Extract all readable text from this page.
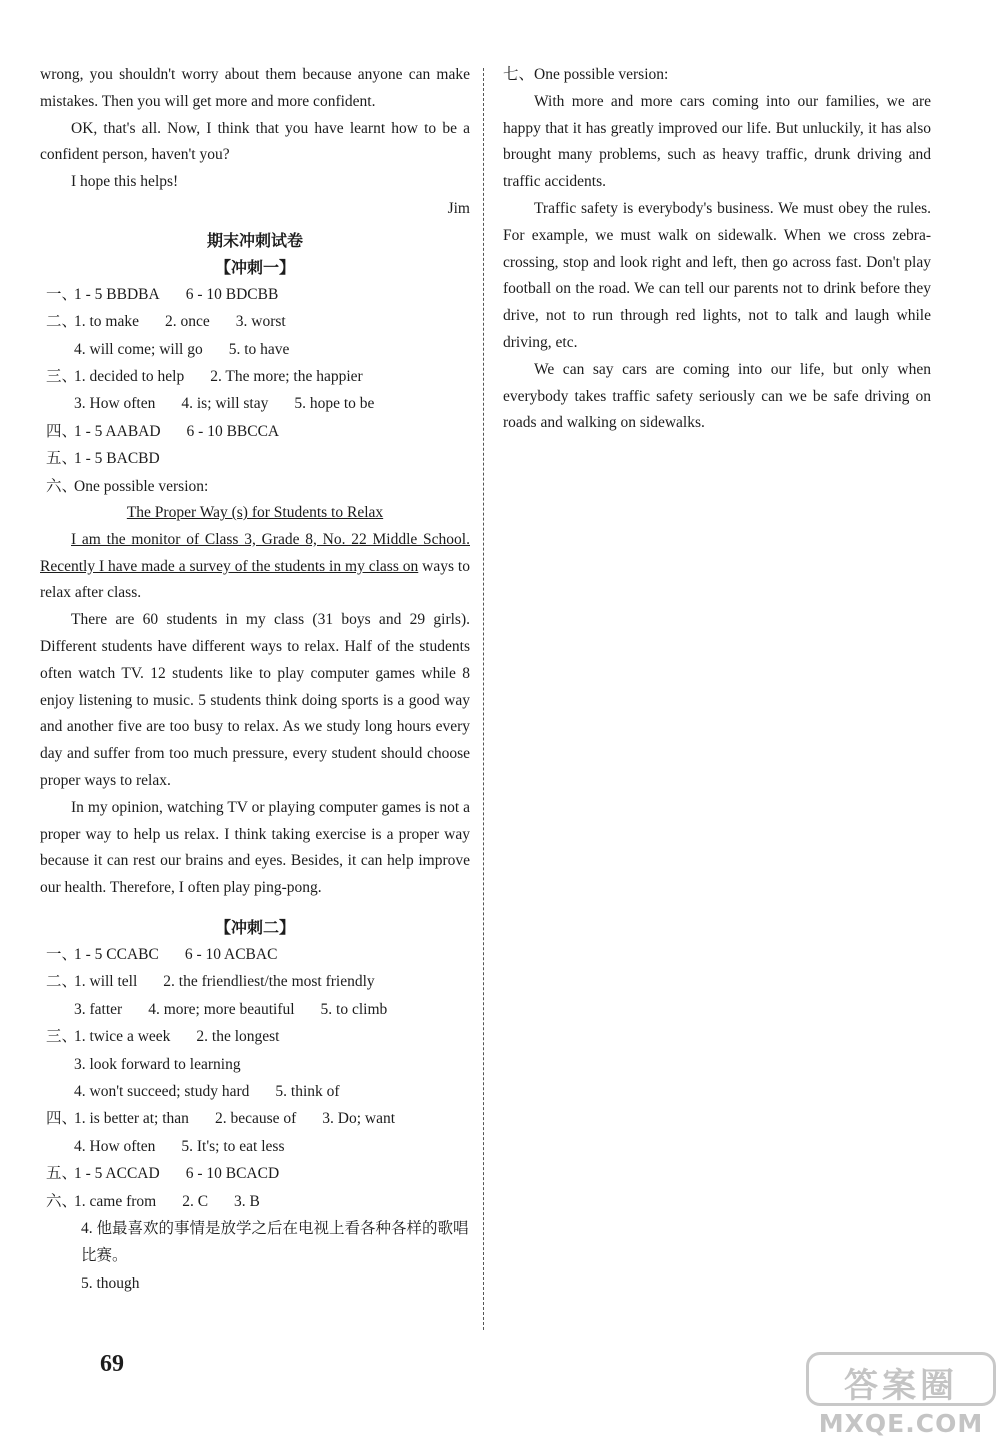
wrong, you shouldn't worry about them because anyone can make mistakes. Then you will get more and more confident.

OK, that's all. Now, I think that you have learnt how to be a confident person, haven't you?

I hope this helps!

Jim

期末冲刺试卷
【冲刺一】
一、
1 - 5 BBDBA 6 - 10 BDCBB
二、
1. to make 2. once 3. worst
4. will come; will go 5. to have
三、
1. decided to help 2. The more; the happier
3. How often 4. is; will stay 5. hope to be
四、
1 - 5 AABAD 6 - 10 BBCCA
五、
1 - 5 BACBD
六、
One possible version:

The Proper Way (s) for Students to Relax

I am the monitor of Class 3, Grade 8, No. 22 Middle School. Recently I have made a survey of the students in my class on ways to relax after class.

There are 60 students in my class (31 boys and 29 girls). Different students have different ways to relax. Half of the students often watch TV. 12 students like to play computer games while 8 enjoy listening to music. 5 students think doing sports is a good way and another five are too busy to relax. As we study long hours every day and suffer from too much pressure, every student should choose proper ways to relax.

In my opinion, watching TV or playing computer games is not a proper way to help us relax. I think taking exercise is a proper way because it can rest our brains and eyes. Besides, it can help improve our health. Therefore, I often play ping-pong.

【冲刺二】
一、
1 - 5 CCABC 6 - 10 ACBAC
二、
1. will tell 2. the friendliest/the most friendly
3. fatter 4. more; more beautiful 5. to climb
三、
1. twice a week 2. the longest
3. look forward to learning
4. won't succeed; study hard 5. think of
四、
1. is better at; than 2. because of 3. Do; want
4. How often 5. It's; to eat less
五、
1 - 5 ACCAD 6 - 10 BCACD
六、
1. came from 2. C 3. B
4. 他最喜欢的事情是放学之后在电视上看各种各样的歌唱比赛。
5. though

七、One possible version:

With more and more cars coming into our families, we are happy that it has greatly improved our life. But unluckily, it has also brought many problems, such as heavy traffic, drunk driving and traffic accidents.

Traffic safety is everybody's business. We must obey the rules. For example, we must walk on sidewalk. When we cross zebra-crossing, stop and look right and left, then go across fast. Don't play football on the road. We can tell our parents not to drink before they drive, not to run through red lights, not to talk and laugh while driving, etc.

We can say cars are coming into our life, but only when everybody takes traffic safety seriously can we be safe driving on roads and walking on sidewalks.

69
答案圈
MXQE.COM
